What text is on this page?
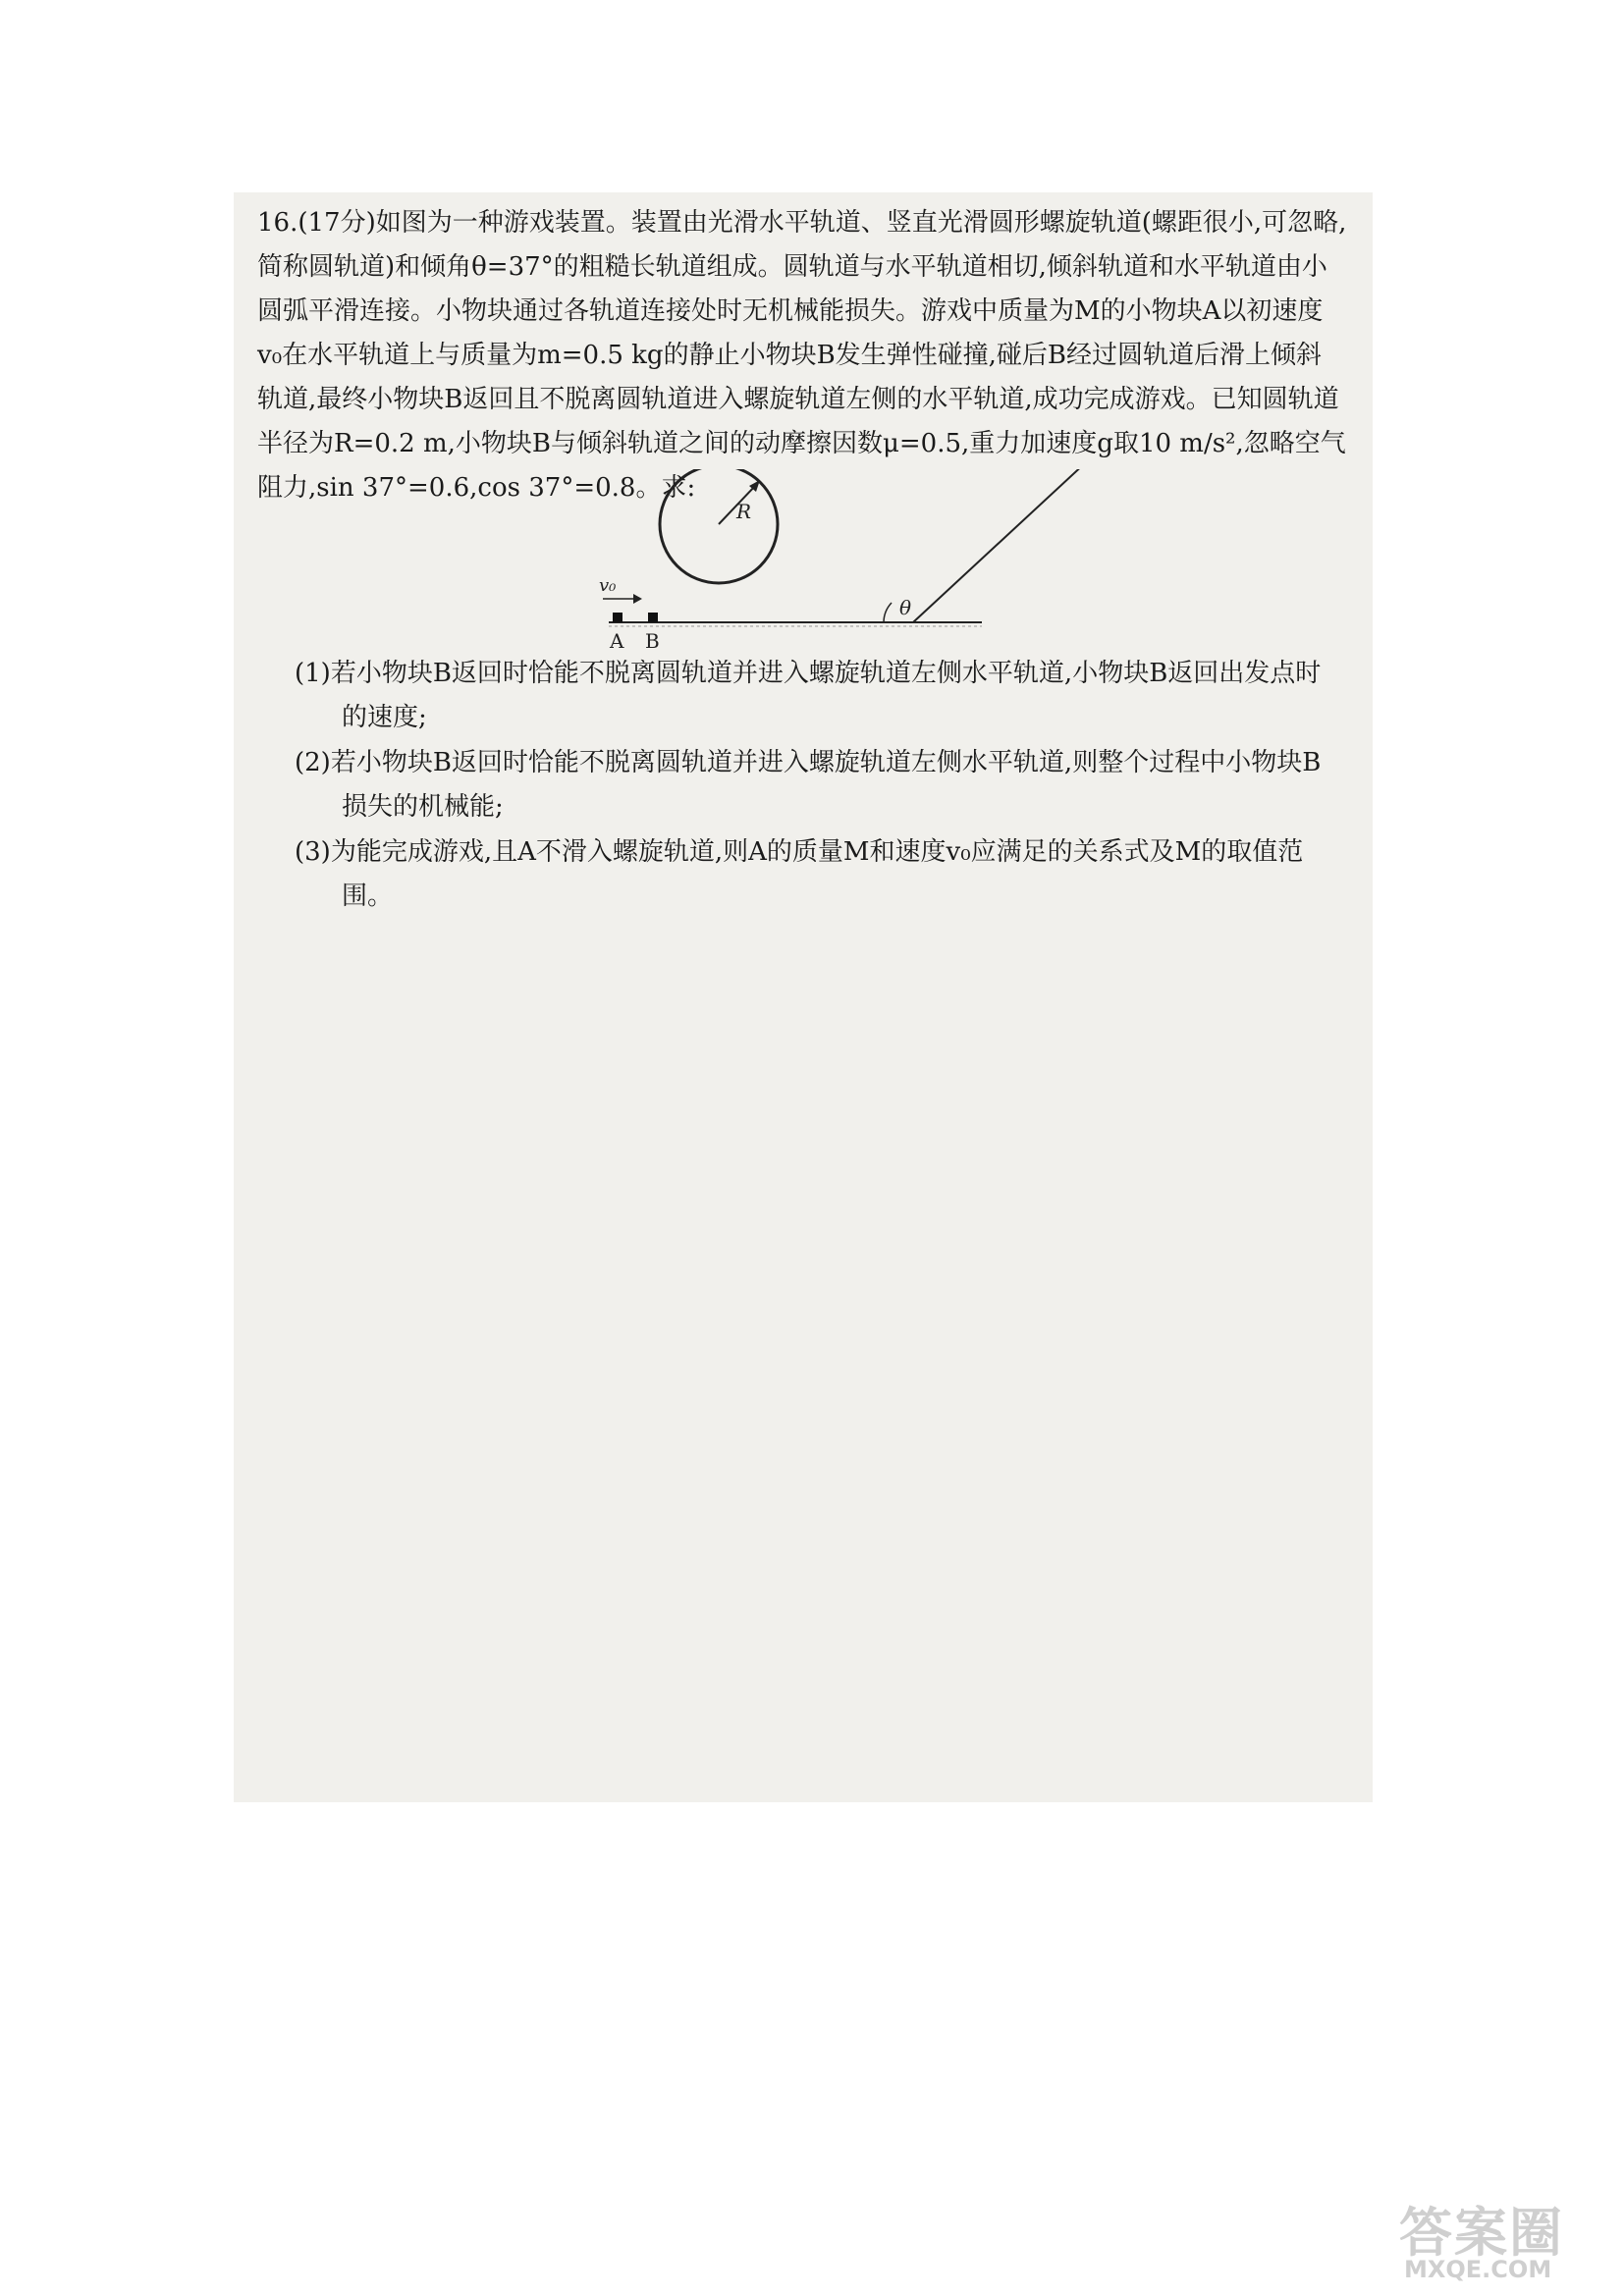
16.(17分)如图为一种游戏装置。装置由光滑水平轨道、竖直光滑圆形螺旋轨道(螺距很小,可忽略,简称圆轨道)和倾角θ=37°的粗糙长轨道组成。圆轨道与水平轨道相切,倾斜轨道和水平轨道由小圆弧平滑连接。小物块通过各轨道连接处时无机械能损失。游戏中质量为M的小物块A以初速度v₀在水平轨道上与质量为m=0.5 kg的静止小物块B发生弹性碰撞,碰后B经过圆轨道后滑上倾斜轨道,最终小物块B返回且不脱离圆轨道进入螺旋轨道左侧的水平轨道,成功完成游戏。已知圆轨道半径为R=0.2 m,小物块B与倾斜轨道之间的动摩擦因数μ=0.5,重力加速度g取10 m/s²,忽略空气阻力,sin 37°=0.6,cos 37°=0.8。求:

R
θ
v₀
A B

(1)若小物块B返回时恰能不脱离圆轨道并进入螺旋轨道左侧水平轨道,小物块B返回出发点时的速度;

(2)若小物块B返回时恰能不脱离圆轨道并进入螺旋轨道左侧水平轨道,则整个过程中小物块B损失的机械能;

(3)为能完成游戏,且A不滑入螺旋轨道,则A的质量M和速度v₀应满足的关系式及M的取值范围。

答案圈
MXQE.COM
